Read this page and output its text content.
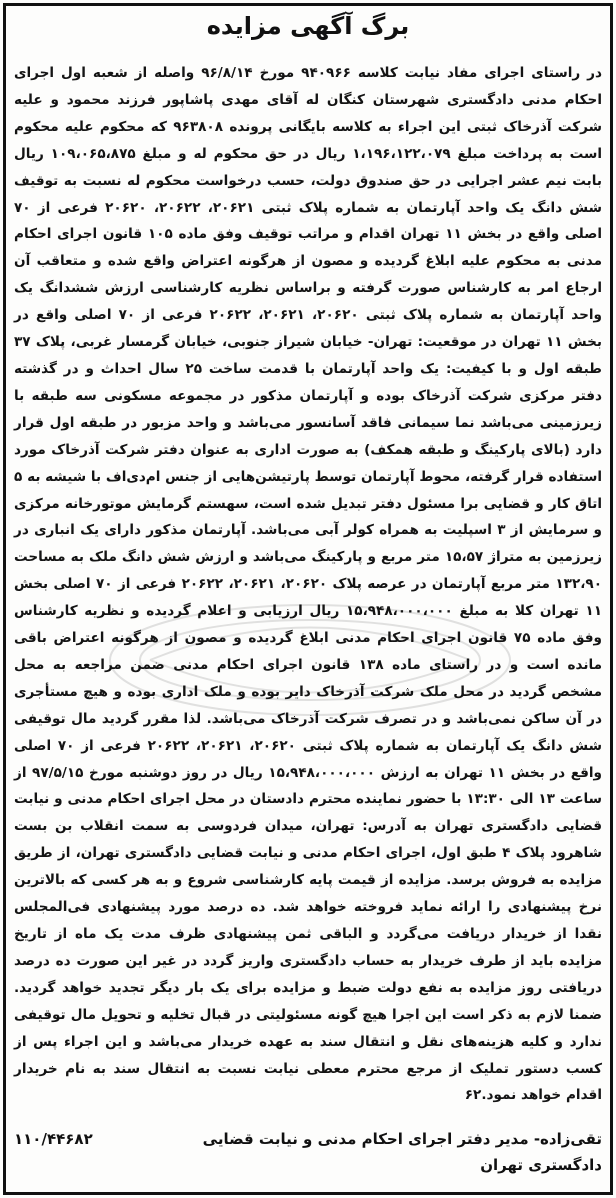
برگ آگهی مزایده
در راستای اجرای مفاد نیابت کلاسه ۹۴۰۹۶۶ مورخ ۹۶/۸/۱۴ واصله از شعبه اول اجرای احکام مدنی دادگستری شهرستان کنگان له آقای مهدی پاشاپور فرزند محمود و علیه شرکت آذرخاک ثبتی این اجراء به کلاسه بایگانی پرونده ۹۶۳۸۰۸ که محکوم علیه محکوم است به پرداخت مبلغ ۱،۱۹۶،۱۲۲،۰۷۹ ریال در حق محکوم له و مبلغ ۱۰۹،۰۶۵،۸۷۵ ریال بابت نیم عشر اجرایی در حق صندوق دولت، حسب درخواست محکوم له نسبت به توقیف شش دانگ یک واحد آپارتمان به شماره پلاک ثبتی ۲۰۶۲۱، ۲۰۶۲۲، ۲۰۶۲۰ فرعی از ۷۰ اصلی واقع در بخش ۱۱ تهران اقدام و مراتب توقیف وفق ماده ۱۰۵ قانون اجرای احکام مدنی به محکوم علیه ابلاغ گردیده و مصون از هرگونه اعتراض واقع شده و متعاقب آن ارجاع امر به کارشناس صورت گرفته و براساس نظریه کارشناسی ارزش ششدانگ یک واحد آپارتمان به شماره پلاک ثبتی ۲۰۶۲۰، ۲۰۶۲۱، ۲۰۶۲۲ فرعی از ۷۰ اصلی واقع در بخش ۱۱ تهران در موقعیت: تهران- خیابان شیراز جنوبی، خیابان گرمسار غربی، پلاک ۳۷ طبقه اول و با کیفیت: یک واحد آپارتمان با قدمت ساخت ۲۵ سال احداث و در گذشته دفتر مرکزی شرکت آذرخاک بوده و آپارتمان مذکور در مجموعه مسکونی سه طبقه با زیرزمینی می‌باشد نما سیمانی فاقد آسانسور می‌باشد و واحد مزبور در طبقه اول قرار دارد (بالای پارکینگ و طبقه همکف) به صورت اداری به عنوان دفتر شرکت آذرخاک مورد استفاده قرار گرفته، محوط آپارتمان توسط پارتیشن‌هایی از جنس ام‌دی‌اف با شیشه به ۵ اتاق کار و قضایی برا مسئول دفتر تبدیل شده است، سهستم گرمایش موتورخانه مرکزی و سرمایش از ۳ اسپلیت به همراه کولر آبی می‌باشد. آپارتمان مذکور دارای یک انباری در زیرزمین به متراژ ۱۵،۵۷ متر مربع و پارکینگ می‌باشد و ارزش شش دانگ ملک به مساحت ۱۳۲،۹۰ متر مربع آپارتمان در عرصه پلاک ۲۰۶۲۰، ۲۰۶۲۱، ۲۰۶۲۲ فرعی از ۷۰ اصلی بخش ۱۱ تهران کلا به مبلغ ۱۵،۹۴۸،۰۰۰،۰۰۰ ریال ارزیابی و اعلام گردیده و نظریه کارشناس وفق ماده ۷۵ قانون اجرای احکام مدنی ابلاغ گردیده و مصون از هرگونه اعتراض باقی مانده است و در راستای ماده ۱۳۸ قانون اجرای احکام مدنی ضمن مراجعه به محل مشخص گردید در محل ملک شرکت آذرخاک دایر بوده و ملک اداری بوده و هیچ مستأجری در آن ساکن نمی‌باشد و در تصرف شرکت آذرخاک می‌باشد. لذا مقرر گردید مال توقیفی شش دانگ یک آپارتمان به شماره پلاک ثبتی ۲۰۶۲۰، ۲۰۶۲۱، ۲۰۶۲۲ فرعی از ۷۰ اصلی واقع در بخش ۱۱ تهران به ارزش ۱۵،۹۴۸،۰۰۰،۰۰۰ ریال در روز دوشنبه مورخ ۹۷/۵/۱۵ از ساعت ۱۳ الی ۱۳:۳۰ با حضور نماینده محترم دادستان در محل اجرای احکام مدنی و نیابت قضایی دادگستری تهران به آدرس: تهران، میدان فردوسی به سمت انقلاب بن بست شاهرود پلاک ۴ طبق اول، اجرای احکام مدنی و نیابت قضایی دادگستری تهران، از طریق مزایده به فروش برسد. مزایده از قیمت پایه کارشناسی شروع و به هر کسی که بالاترین نرخ پیشنهادی را ارائه نماید فروخته خواهد شد. ده درصد مورد پیشنهادی فی‌المجلس نقدا از خریدار دریافت می‌گردد و الباقی ثمن پیشنهادی ظرف مدت یک ماه از تاریخ مزایده باید از طرف خریدار به حساب دادگستری واریز گردد در غیر این صورت ده درصد دریافتی روز مزایده به نفع دولت ضبط و مزایده برای یک بار دیگر تجدید خواهد گردید. ضمنا لازم به ذکر است این اجرا هیچ گونه مسئولیتی در قبال تخلیه و تحویل مال توقیفی ندارد و کلیه هزینه‌های نقل و انتقال سند به عهده خریدار می‌باشد و این اجراء پس از کسب دستور تملیک از مرجع محترم معطی نیابت نسبت به انتقال سند به نام خریدار اقدام خواهد نمود.۶۲
تقی‌زاده- مدیر دفتر اجرای احکام مدنی و نیابت قضایی
دادگستری تهران
۱۱۰/۴۴۶۸۲
